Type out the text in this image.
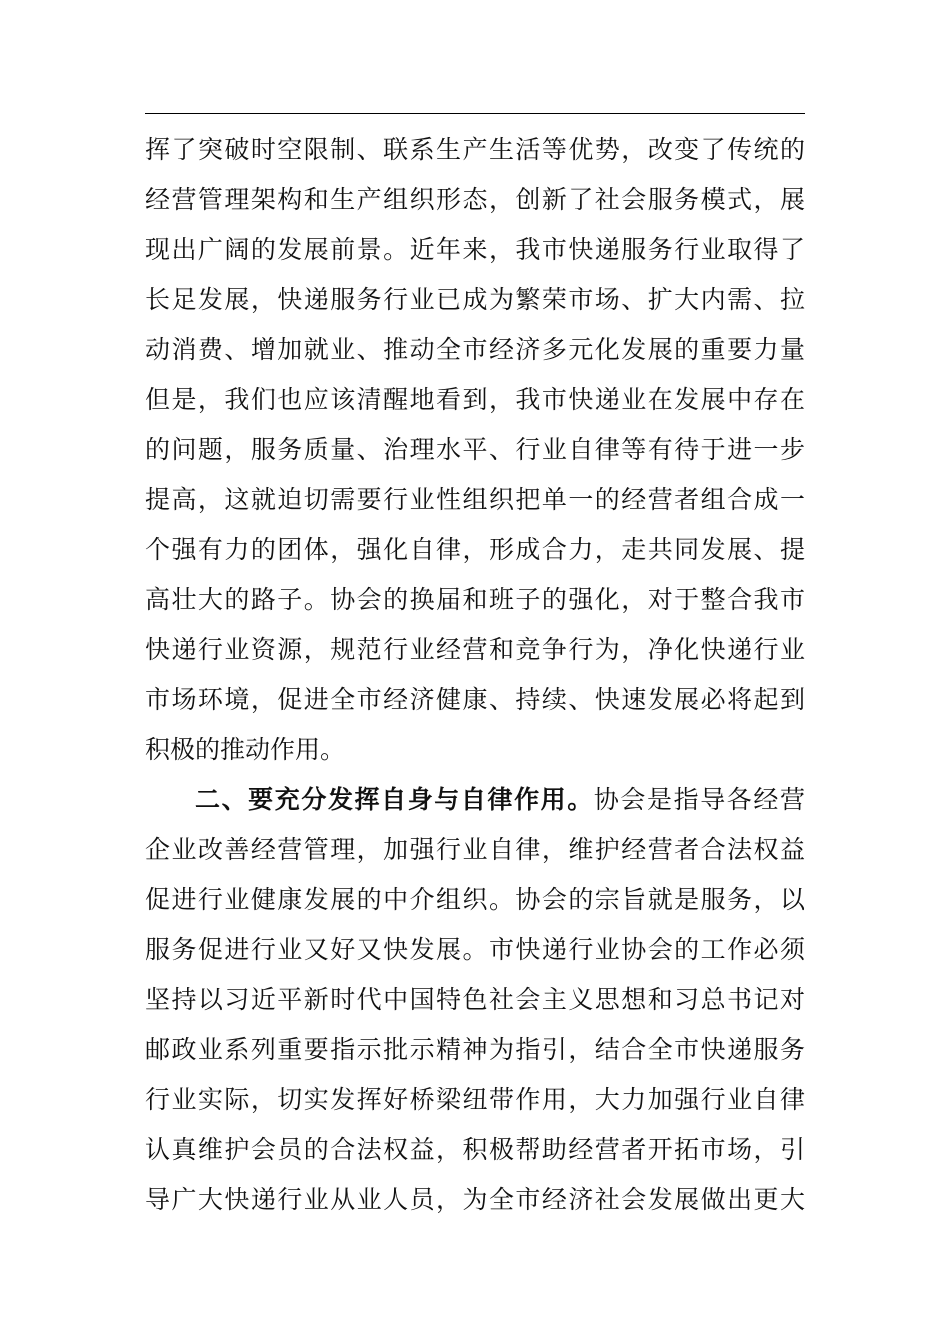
挥了突破时空限制、联系生产生活等优势，改变了传统的
经营管理架构和生产组织形态，创新了社会服务模式，展
现出广阔的发展前景。近年来，我市快递服务行业取得了
长足发展，快递服务行业已成为繁荣市场、扩大内需、拉
动消费、增加就业、推动全市经济多元化发展的重要力量
但是，我们也应该清醒地看到，我市快递业在发展中存在
的问题，服务质量、治理水平、行业自律等有待于进一步
提高，这就迫切需要行业性组织把单一的经营者组合成一
个强有力的团体，强化自律，形成合力，走共同发展、提
高壮大的路子。协会的换届和班子的强化，对于整合我市
快递行业资源，规范行业经营和竞争行为，净化快递行业
市场环境，促进全市经济健康、持续、快速发展必将起到
积极的推动作用。
二、要充分发挥自身与自律作用。协会是指导各经营
企业改善经营管理，加强行业自律，维护经营者合法权益
促进行业健康发展的中介组织。协会的宗旨就是服务，以
服务促进行业又好又快发展。市快递行业协会的工作必须
坚持以习近平新时代中国特色社会主义思想和习总书记对
邮政业系列重要指示批示精神为指引，结合全市快递服务
行业实际，切实发挥好桥梁纽带作用，大力加强行业自律
认真维护会员的合法权益，积极帮助经营者开拓市场，引
导广大快递行业从业人员，为全市经济社会发展做出更大
